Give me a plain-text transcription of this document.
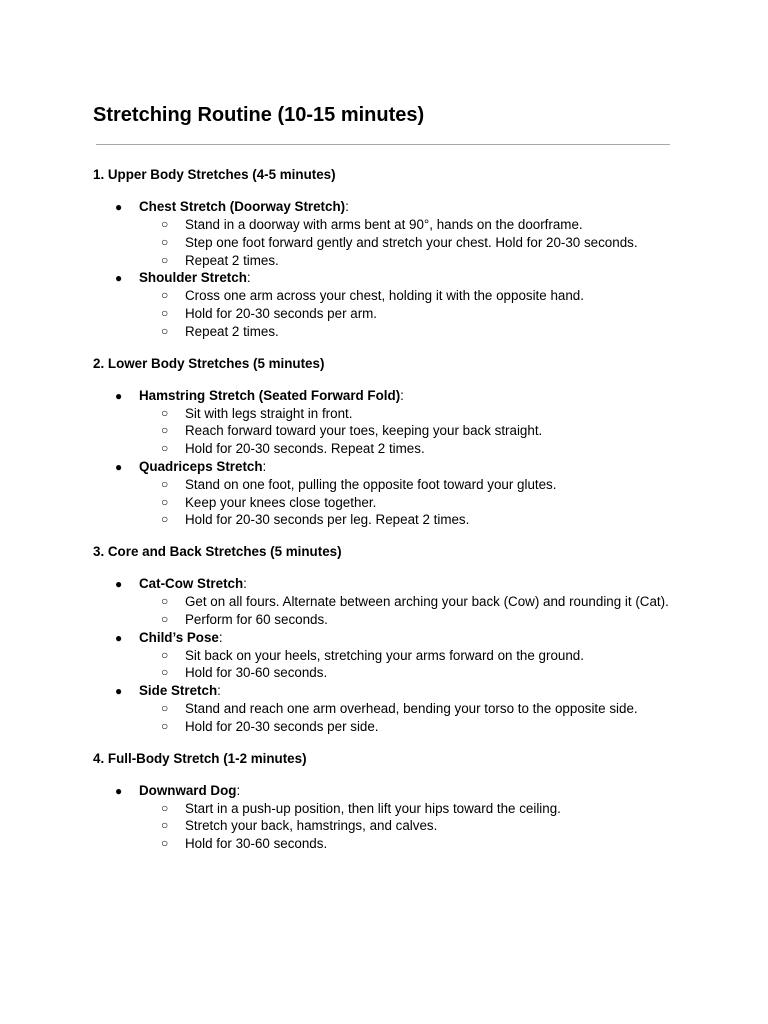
Stretching Routine (10-15 minutes)
1. Upper Body Stretches (4-5 minutes)
● Chest Stretch (Doorway Stretch):
○ Stand in a doorway with arms bent at 90°, hands on the doorframe.
○ Step one foot forward gently and stretch your chest. Hold for 20-30 seconds.
○ Repeat 2 times.
● Shoulder Stretch:
○ Cross one arm across your chest, holding it with the opposite hand.
○ Hold for 20-30 seconds per arm.
○ Repeat 2 times.
2. Lower Body Stretches (5 minutes)
● Hamstring Stretch (Seated Forward Fold):
○ Sit with legs straight in front.
○ Reach forward toward your toes, keeping your back straight.
○ Hold for 20-30 seconds. Repeat 2 times.
● Quadriceps Stretch:
○ Stand on one foot, pulling the opposite foot toward your glutes.
○ Keep your knees close together.
○ Hold for 20-30 seconds per leg. Repeat 2 times.
3. Core and Back Stretches (5 minutes)
● Cat-Cow Stretch:
○ Get on all fours. Alternate between arching your back (Cow) and rounding it (Cat).
○ Perform for 60 seconds.
● Child’s Pose:
○ Sit back on your heels, stretching your arms forward on the ground.
○ Hold for 30-60 seconds.
● Side Stretch:
○ Stand and reach one arm overhead, bending your torso to the opposite side.
○ Hold for 20-30 seconds per side.
4. Full-Body Stretch (1-2 minutes)
● Downward Dog:
○ Start in a push-up position, then lift your hips toward the ceiling.
○ Stretch your back, hamstrings, and calves.
○ Hold for 30-60 seconds.
